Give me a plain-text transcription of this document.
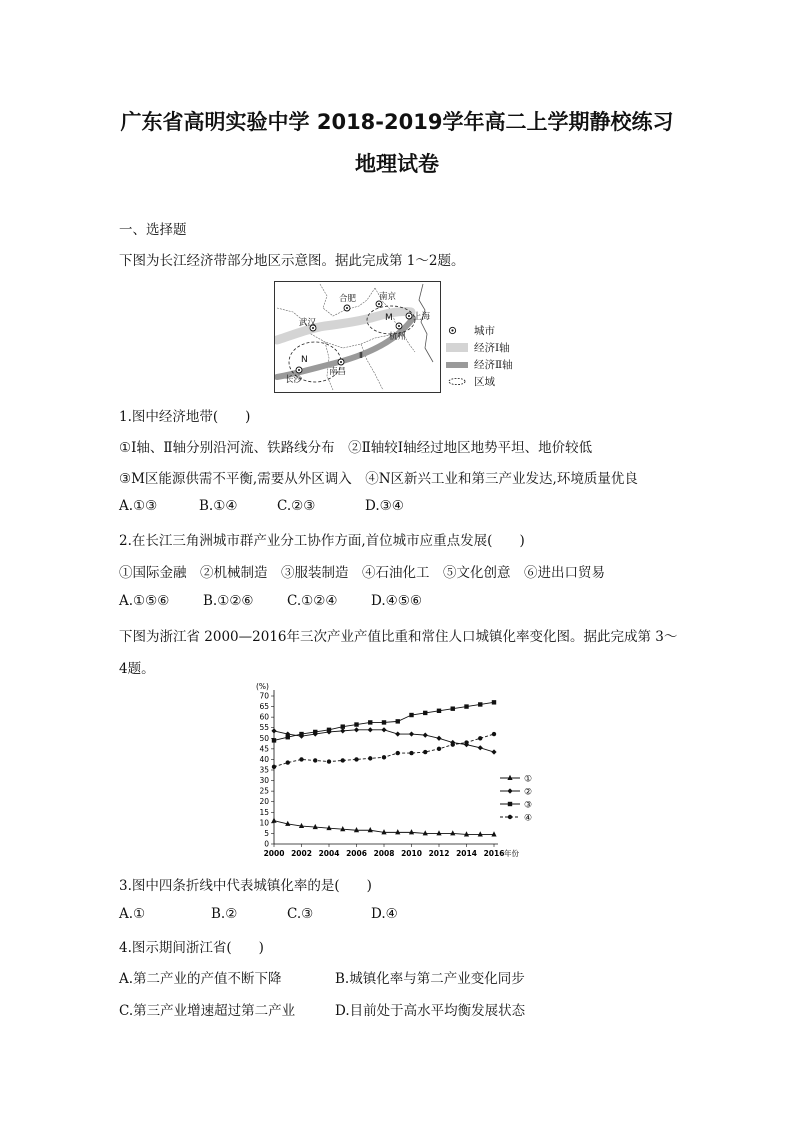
广东省高明实验中学 2018-2019学年高二上学期静校练习
地理试卷
一、选择题
下图为长江经济带部分地区示意图。据此完成第 1～2题。
合肥	南京
上海
武汉
杭州
南昌
长沙
M
N	Ⅱ
城市
经济Ⅰ轴
经济Ⅱ轴
区域
1.图中经济地带(　　)
①Ⅰ轴、Ⅱ轴分别沿河流、铁路线分布　②Ⅱ轴较Ⅰ轴经过地区地势平坦、地价较低
③M区能源供需不平衡,需要从外区调入　④N区新兴工业和第三产业发达,环境质量优良
A.①③	B.①④	C.②③	D.③④
2.在长江三角洲城市群产业分工协作方面,首位城市应重点发展(　　)
①国际金融　②机械制造　③服装制造　④石油化工　⑤文化创意　⑥进出口贸易
A.①⑤⑥ B.①②⑥ C.①②④ D.④⑤⑥
下图为浙江省 2000—2016年三次产业产值比重和常住人口城镇化率变化图。据此完成第 3～
4题。
(%)
0
5
10
15
20
25
30
35
40
45
50
55
60
65
70
2000 2002 2004 2006 2008 2010 2012 2014 2016 年份
①
②
③
④
3.图中四条折线中代表城镇化率的是(　　)
A.①	B.②	C.③	D.④
4.图示期间浙江省(　　)
A.第二产业的产值不断下降	B.城镇化率与第二产业变化同步
C.第三产业增速超过第二产业	D.目前处于高水平均衡发展状态
